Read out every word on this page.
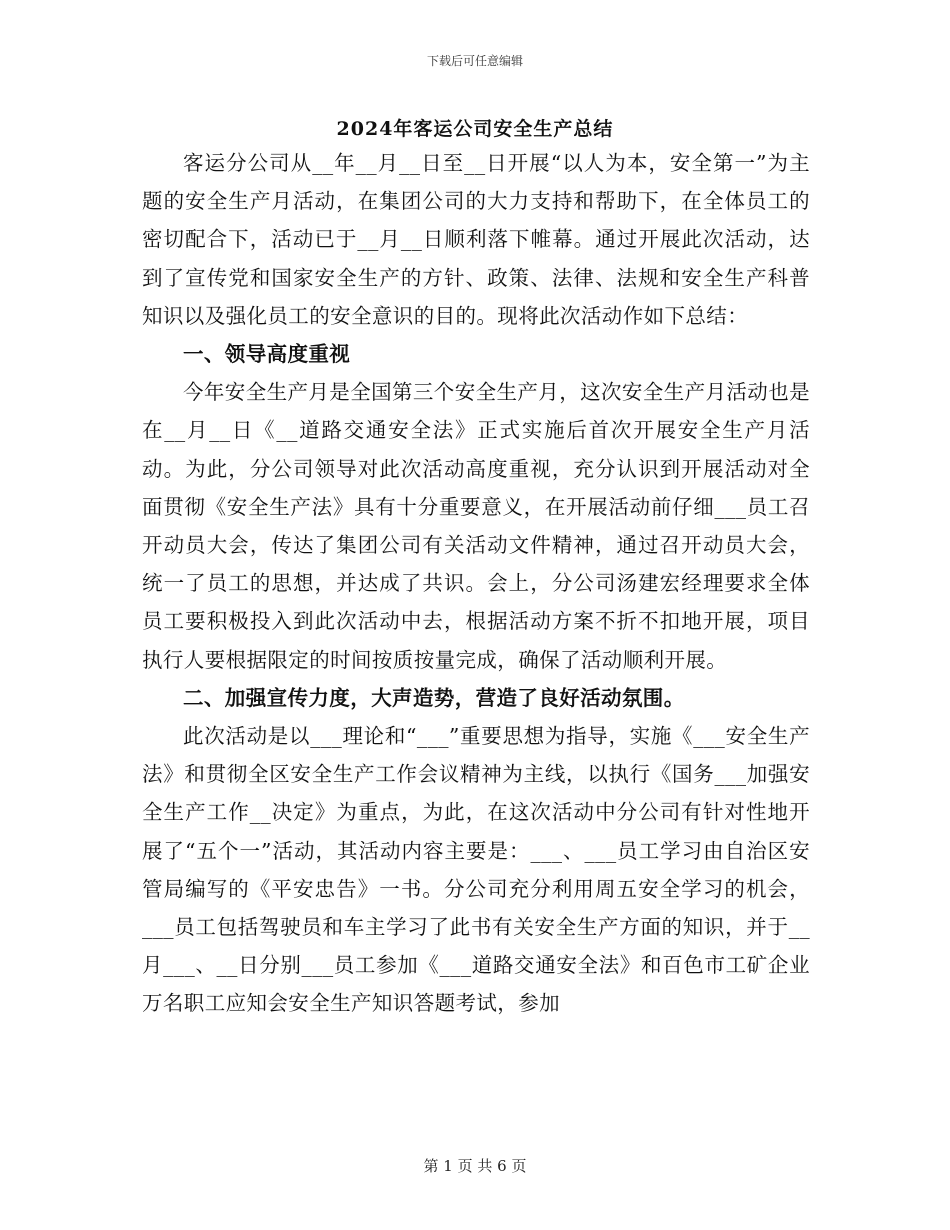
下载后可任意编辑
2024年客运公司安全生产总结

客运分公司从__年__月__日至__日开展“以人为本，安全第一”为主题的安全生产月活动，在集团公司的大力支持和帮助下，在全体员工的密切配合下，活动已于__月__日顺利落下帷幕。通过开展此次活动，达到了宣传党和国家安全生产的方针、政策、法律、法规和安全生产科普知识以及强化员工的安全意识的目的。现将此次活动作如下总结：

一、领导高度重视

今年安全生产月是全国第三个安全生产月，这次安全生产月活动也是在__月__日《__道路交通安全法》正式实施后首次开展安全生产月活动。为此，分公司领导对此次活动高度重视，充分认识到开展活动对全面贯彻《安全生产法》具有十分重要意义，在开展活动前仔细___员工召开动员大会，传达了集团公司有关活动文件精神，通过召开动员大会，统一了员工的思想，并达成了共识。会上，分公司汤建宏经理要求全体员工要积极投入到此次活动中去，根据活动方案不折不扣地开展，项目执行人要根据限定的时间按质按量完成，确保了活动顺利开展。

二、加强宣传力度，大声造势，营造了良好活动氛围。

此次活动是以___理论和“___”重要思想为指导，实施《___安全生产法》和贯彻全区安全生产工作会议精神为主线，以执行《国务___加强安全生产工作__决定》为重点，为此，在这次活动中分公司有针对性地开展了“五个一”活动，其活动内容主要是：___、___员工学习由自治区安管局编写的《平安忠告》一书。分公司充分利用周五安全学习的机会，___员工包括驾驶员和车主学习了此书有关安全生产方面的知识，并于__月___、__日分别___员工参加《___道路交通安全法》和百色市工矿企业万名职工应知会安全生产知识答题考试，参加

第 1 页 共 6 页
